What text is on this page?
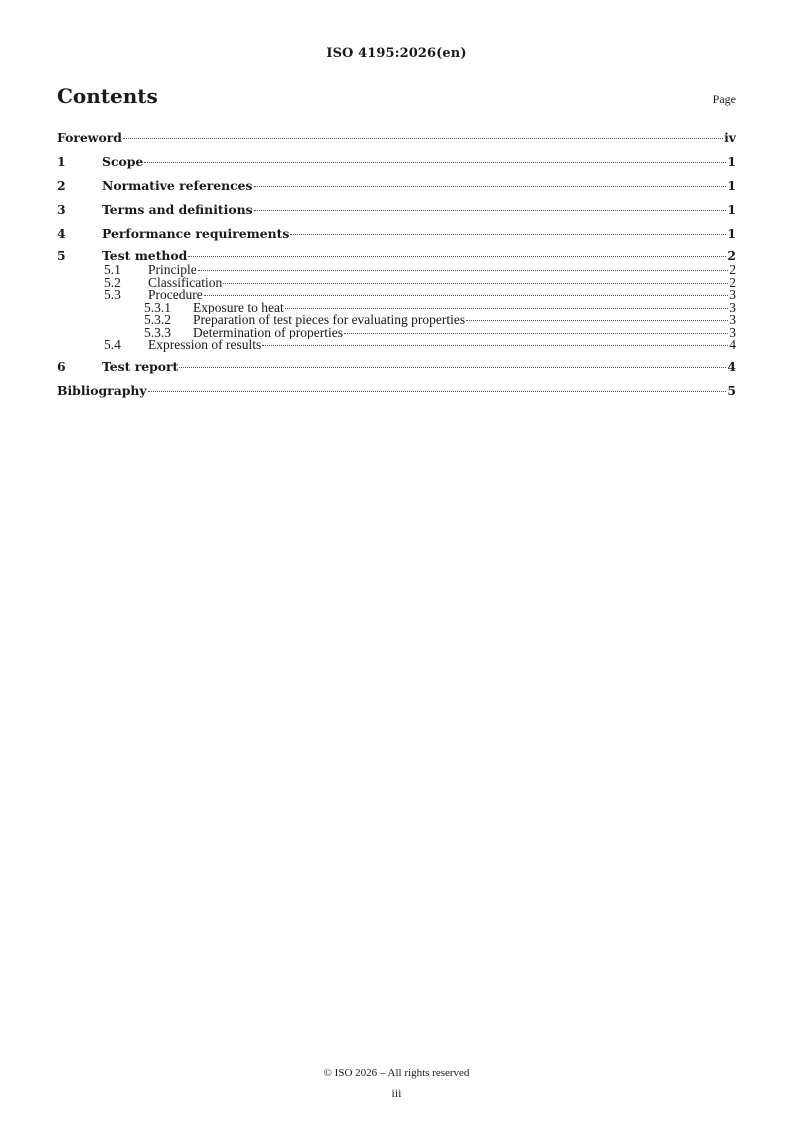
ISO 4195:2026(en)
Contents	Page
Foreword	iv
1	Scope	1
2	Normative references	1
3	Terms and definitions	1
4	Performance requirements	1
5	Test method	2
5.1	Principle	2
5.2	Classification	2
5.3	Procedure	3
5.3.1	Exposure to heat	3
5.3.2	Preparation of test pieces for evaluating properties	3
5.3.3	Determination of properties	3
5.4	Expression of results	4
6	Test report	4
Bibliography	5
© ISO 2026 – All rights reserved
iii
